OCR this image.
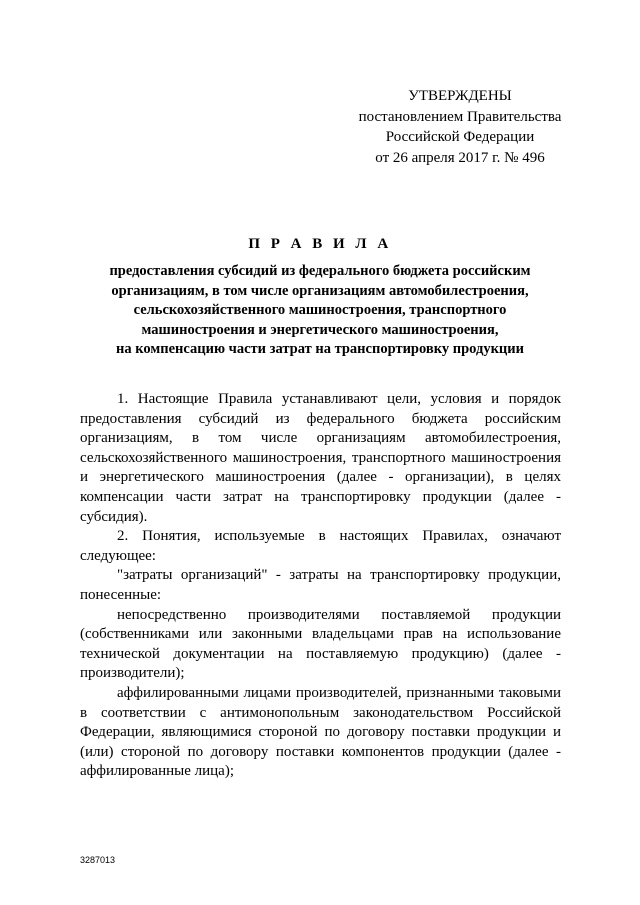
УТВЕРЖДЕНЫ
постановлением Правительства
Российской Федерации
от 26 апреля 2017 г. № 496
П Р А В И Л А
предоставления субсидий из федерального бюджета российским
организациям, в том числе организациям автомобилестроения,
сельскохозяйственного машиностроения, транспортного
машиностроения и энергетического машиностроения,
на компенсацию части затрат на транспортировку продукции

1. Настоящие Правила устанавливают цели, условия и порядок предоставления субсидий из федерального бюджета российским организациям, в том числе организациям автомобилестроения, сельскохозяйственного машиностроения, транспортного машиностроения и энергетического машиностроения (далее - организации), в целях компенсации части затрат на транспортировку продукции (далее - субсидия).

2. Понятия, используемые в настоящих Правилах, означают следующее:

"затраты организаций" - затраты на транспортировку продукции, понесенные:

непосредственно производителями поставляемой продукции (собственниками или законными владельцами прав на использование технической документации на поставляемую продукцию) (далее - производители);

аффилированными лицами производителей, признанными таковыми в соответствии с антимонопольным законодательством Российской Федерации, являющимися стороной по договору поставки продукции и (или) стороной по договору поставки компонентов продукции (далее - аффилированные лица);

3287013
